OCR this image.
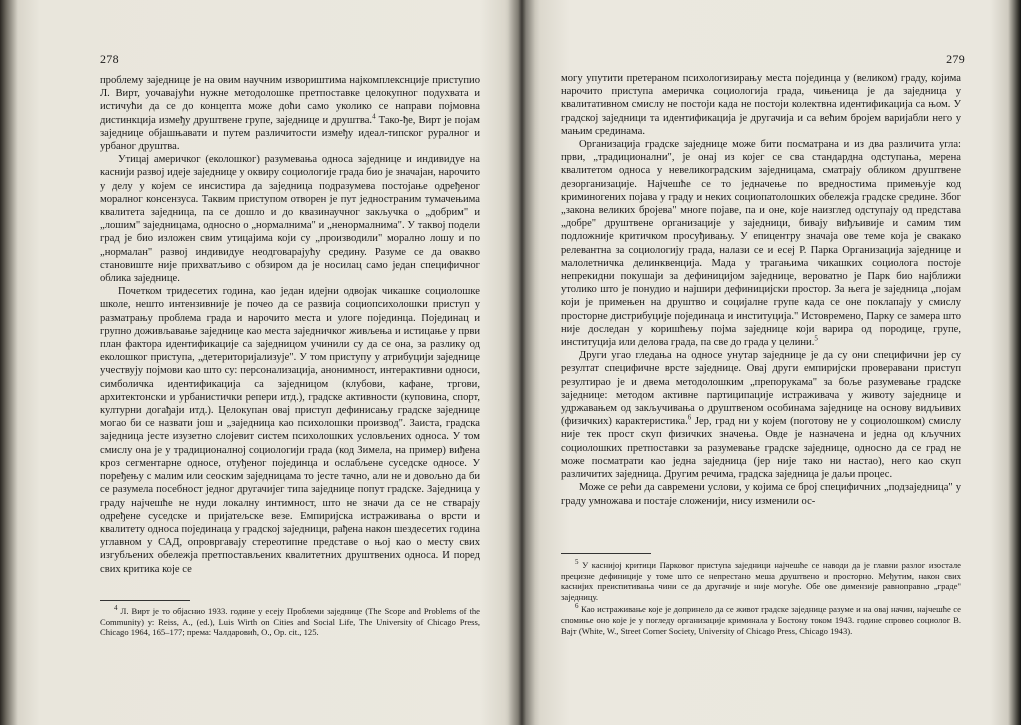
278

проблему заједнице је на овим научним извориштима најкомплекснције приступио Л. Вирт, уочавајући нужне методолошке претпоставке целокупног подухвата и истичући да се до концепта може доћи само уколико се направи појмовна дистинкција између друштвене групе, заједнице и друштва.$^4$ Тако-ђе, Вирт је појам заједнице објашњавати и путем различитости између идеал-типског руралног и урбаног друштва.

Утицај америчког (еколошког) разумевања односа заједнице и индивидуе на каснији развој идеје заједнице у оквиру социологије града био је значајан, нарочито у делу у којем се инсистира да заједница подразумева постојање одређеног моралног консензуса. Таквим приступом отворен је пут једностраним тумачењима квалитета заједница, па се дошло и до квазинаучног закључка о „добрим" и „лошим" заједницама, односно о „нормалнима" и „ненормалнима". У таквој подели град је био изложен свим утицајима који су „производили" морално лошу и по „нормалан" развој индивидуе неодговарајућу средину. Разуме се да овакво становиште није прихватљиво с обзиром да је носилац само један специфичног облика заједнице.

Почетком тридесетих година, као један идејни одвојак чикашке социолошке школе, нешто интензивније је почео да се развија социопсихолошки приступ у разматрању проблема града и нарочито места и улоге појединца. Појединац и групно доживљавање заједнице као места заједничког живљења и истицање у први план фактора идентификације са заједницом учинили су да се она, за разлику од еколошког приступа, „детериторијализује". У том приступу у атрибуцији заједнице учествују појмови као што су: персонализација, анонимност, интерактивни односи, симболичка идентификација са заједницом (клубови, кафане, тргови, архитектонски и урбанистички репери итд.), градске активности (куповина, спорт, културни догађаји итд.). Целокупан овај приступ дефинисању градске заједнице могао би се назвати још и „заједница као психолошки производ". Заиста, градска заједница јесте изузетно слојевит систем психолошких условљених односа. У том смислу она је у традиционалној социологији града (код Зимела, на пример) виђена кроз сегментарне односе, отуђеног појединца и ослабљене суседске односе. У поређењу с малим или сеоским заједницама то јесте тачно, али не и довољно да би се разумела посебност једног другачијег типа заједнице попут градске. Заједница у граду најчешће не нуди локалну интимност, што не значи да се не стварају одређене суседске и пријатељске везе. Емпиријска истраживања о врсти и квалитету односа појединаца у градској заједници, рађена након шездесетих година углавном у САД, опровргавају стереотипне представе о њој као о месту свих изгубљених обележја претпостављених квалитетних друштвених односа. И поред свих критика које се

$^4$ Л. Вирт је то објаснио 1933. године у есеју Проблеми заједнице (The Scope and Problems of the Community) у: Reiss, A., (ed.), Luis Wirth on Cities and Social Life, The University of Chicago Press, Chicago 1964, 165–177; према: Чалдаровић, О., Op. cit., 125.

279

могу упутити претераном психологизирању места појединца у (великом) граду, којима нарочито приступа америчка социологија града, чињеница је да заједница у квалитативном смислу не постоји када не постоји колектвна идентификација са њом. У градској заједници та идентификација је другачија и са већим бројем варијабли него у мањим срединама.

Организација градске заједнице може бити посматрана и из два различита угла: први, „традиционални", је онај из којег се сва стандардна одступања, мерена квалитетом односа у невеликоградским заједницама, сматрају обликом друштвене дезорганизације. Најчешће се то једначење по вредностима примењује код криминогених појава у граду и неких социопатолошких обележја градске средине. Због „закона великих бројева" многе појаве, па и оне, које наизглед одступају од представа „добре" друштвене организације у заједници, бивају виђљивије и самим тим подложније критичком просуђивању. У епицентру значаја ове теме која је свакако релевантна за социологију града, налази се и есеј Р. Парка Организација заједнице и малолетничка делинквенција. Мада у трагањима чикашких социолога постоје непрекидни покушаји за дефиницијом заједнице, вероватно је Парк био најближи утолико што је понудио и најшири дефиницијски простор. За њега је заједница „појам који је примењен на друштво и социјалне групе када се оне поклапају у смислу просторне дистрибуције појединаца и институција." Истовремено, Парку се замера што није доследан у коришћењу појма заједнице који варира од породице, групе, институција или делова града, па све до града у целини.$^5$

Други угао гледања на односе унутар заједнице је да су они специфични јер су резултат специфичне врсте заједнице. Овај други емпиријски проверавани приступ резултирао је и двема методолошким „препорукама" за боље разумевање градске заједнице: методом активне партиципације истраживача у животу заједнице и удржавањем од закључивања о друштвеном особинама заједнице на основу видљивих (физичких) карактеристика.$^6$ Јер, град ни у којем (поготову не у социолошком) смислу није тек прост скуп физичких значења. Овде је назначена и једна од кључних социолошких претпоставки за разумевање градске заједнице, односно да се град не може посматрати као једна заједница (јер није тако ни настао), него као скуп различитих заједница. Другим речима, градска заједница је даљи процес.

Може се рећи да савремени услови, у којима се број специфичних „подзаједница" у граду умножава и постаје сложенији, нису изменили ос-

$^5$ У каснијој критици Парковог приступа заједници најчешће се наводи да је главни разлог изостале прецизне дефиниције у томе што се непрестано меша друштвено и просторно. Међутим, након свих каснијих преиспитивања чини се да другачије и није могуће. Обе ове димензије равноправно „граде" заједницу.

$^6$ Као истраживање које је допринело да се живот градске заједнице разуме и на овај начин, најчешће се спомиње оно које је у погледу организације криминала у Бостону током 1943. године спровео социолог В. Вајт (White, W., Street Corner Society, University of Chicago Press, Chicago 1943).
